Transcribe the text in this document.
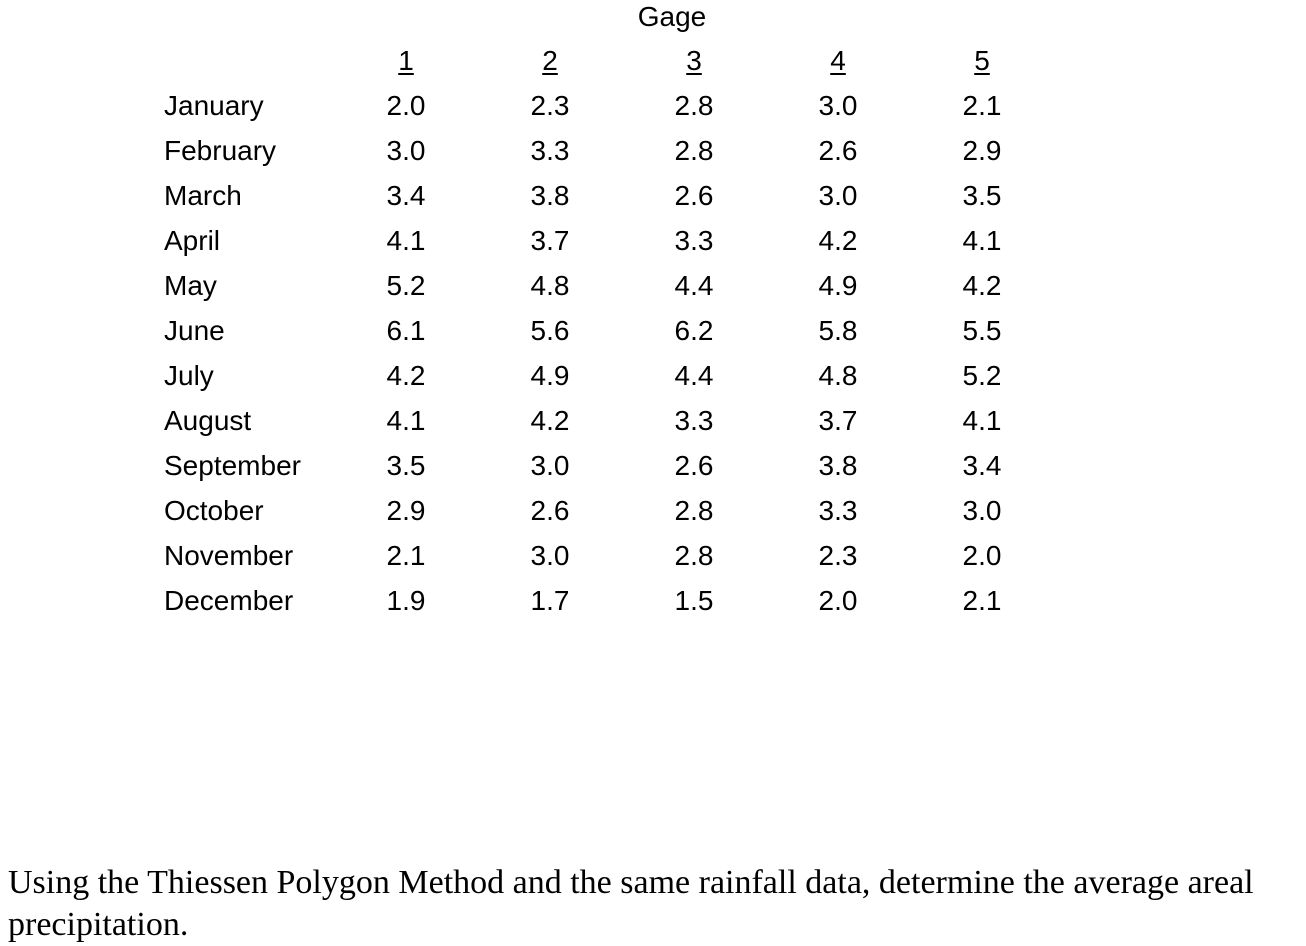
Gage
1	2	3	4	5
January	2.0	2.3	2.8	3.0	2.1
February	3.0	3.3	2.8	2.6	2.9
March	3.4	3.8	2.6	3.0	3.5
April	4.1	3.7	3.3	4.2	4.1
May	5.2	4.8	4.4	4.9	4.2
June	6.1	5.6	6.2	5.8	5.5
July	4.2	4.9	4.4	4.8	5.2
August	4.1	4.2	3.3	3.7	4.1
September	3.5	3.0	2.6	3.8	3.4
October	2.9	2.6	2.8	3.3	3.0
November	2.1	3.0	2.8	2.3	2.0
December	1.9	1.7	1.5	2.0	2.1

Using the Thiessen Polygon Method and the same rainfall data, determine the average areal precipitation.
